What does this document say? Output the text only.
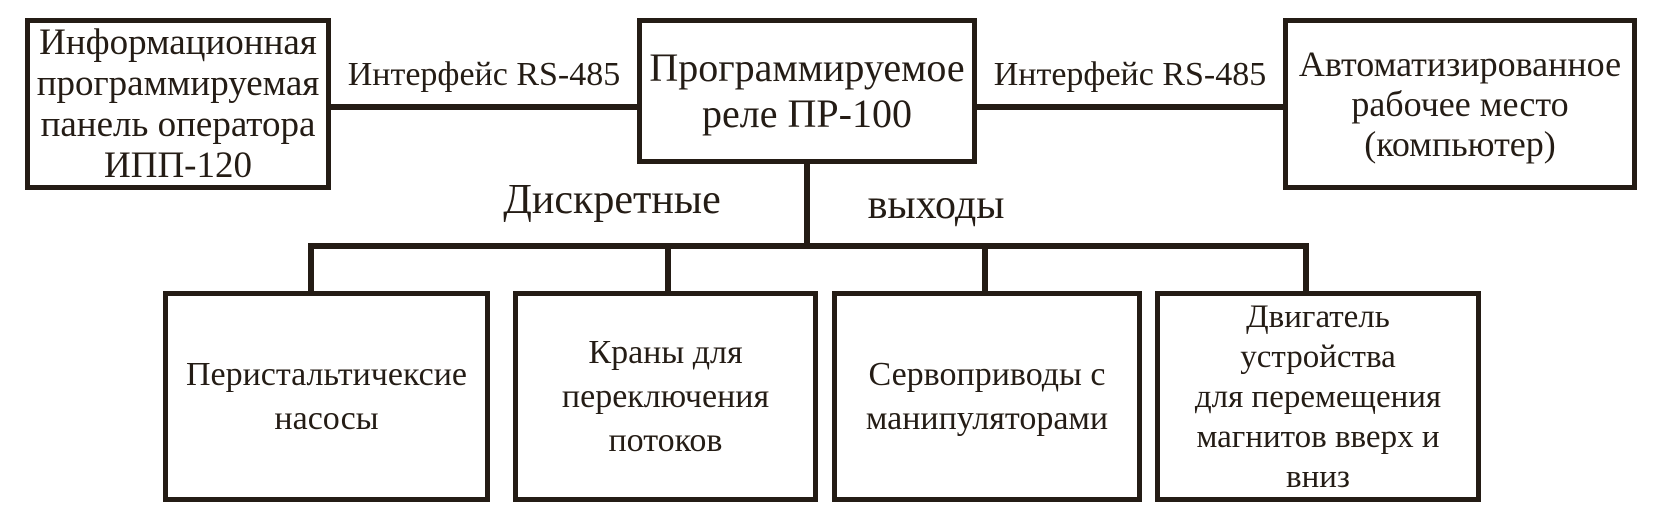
Информационная
программируемая
панель оператора
ИПП-120
Программируемое
реле ПР-100
Автоматизированное
рабочее место
(компьютер)
Интерфейс RS-485	Интерфейс RS-485
Дискретные	выходы
Перистальтичексие
насосы
Краны для
переключения
потоков
Сервоприводы с
манипуляторами
Двигатель
устройства
для перемещения
магнитов вверх и
вниз
